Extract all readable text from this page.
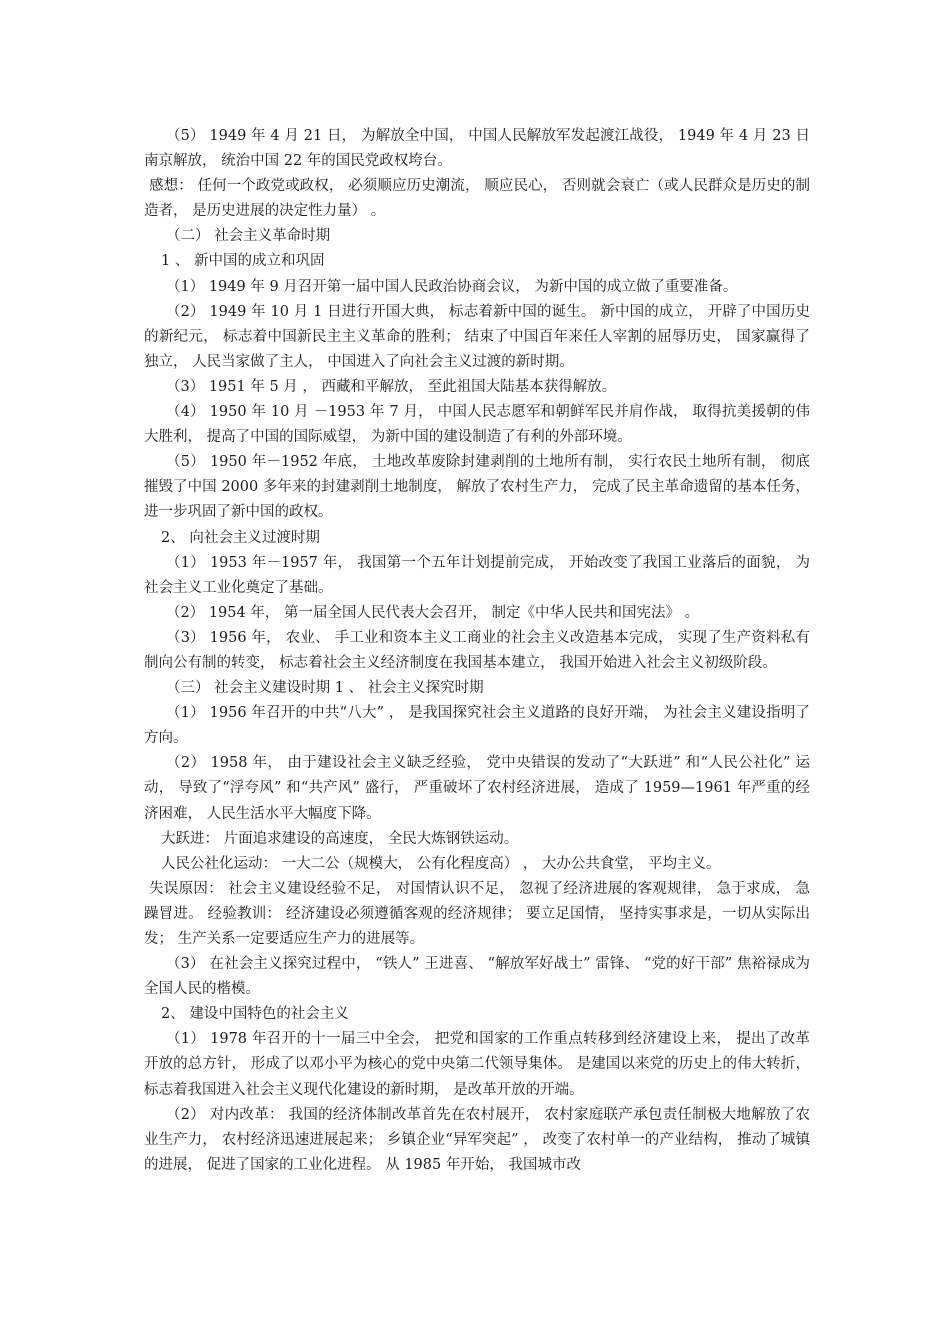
（5） 1949 年 4 月 21 日， 为解放全中国， 中国人民解放军发起渡江战役， 1949 年 4 月 23 日南京解放， 统治中国 22 年的国民党政权垮台。

感想： 任何一个政党或政权， 必须顺应历史潮流， 顺应民心， 否则就会衰亡（或人民群众是历史的制造者， 是历史进展的决定性力量） 。

（二） 社会主义革命时期

1 、 新中国的成立和巩固

（1） 1949 年 9 月召开第一届中国人民政治协商会议， 为新中国的成立做了重要准备。

（2） 1949 年 10 月 1 日进行开国大典， 标志着新中国的诞生。 新中国的成立， 开辟了中国历史的新纪元， 标志着中国新民主主义革命的胜利； 结束了中国百年来任人宰割的屈辱历史， 国家赢得了独立， 人民当家做了主人， 中国进入了向社会主义过渡的新时期。

（3） 1951 年 5 月 ， 西藏和平解放， 至此祖国大陆基本获得解放。

（4） 1950 年 10 月 －1953 年 7 月， 中国人民志愿军和朝鲜军民并肩作战， 取得抗美援朝的伟大胜利， 提高了中国的国际威望， 为新中国的建设制造了有利的外部环境。

（5） 1950 年－1952 年底， 土地改革废除封建剥削的土地所有制， 实行农民土地所有制， 彻底摧毁了中国 2000 多年来的封建剥削土地制度， 解放了农村生产力， 完成了民主革命遗留的基本任务， 进一步巩固了新中国的政权。

2、 向社会主义过渡时期

（1） 1953 年－1957 年， 我国第一个五年计划提前完成， 开始改变了我国工业落后的面貌， 为社会主义工业化奠定了基础。

（2） 1954 年， 第一届全国人民代表大会召开， 制定《中华人民共和国宪法》 。

（3） 1956 年， 农业、 手工业和资本主义工商业的社会主义改造基本完成， 实现了生产资料私有制向公有制的转变， 标志着社会主义经济制度在我国基本建立， 我国开始进入社会主义初级阶段。

（三） 社会主义建设时期 1 、 社会主义探究时期

（1） 1956 年召开的中共“八大” ， 是我国探究社会主义道路的良好开端， 为社会主义建设指明了方向。

（2） 1958 年， 由于建设社会主义缺乏经验， 党中央错误的发动了“大跃进” 和“人民公社化” 运动， 导致了“浮夸风” 和“共产风” 盛行， 严重破坏了农村经济进展， 造成了 1959—1961 年严重的经济困难， 人民生活水平大幅度下降。

大跃进： 片面追求建设的高速度， 全民大炼钢铁运动。

人民公社化运动： 一大二公（规模大， 公有化程度高） ， 大办公共食堂， 平均主义。

失误原因： 社会主义建设经验不足， 对国情认识不足， 忽视了经济进展的客观规律， 急于求成， 急躁冒进。 经验教训： 经济建设必须遵循客观的经济规律； 要立足国情， 坚持实事求是，一切从实际出发； 生产关系一定要适应生产力的进展等。

（3） 在社会主义探究过程中， “铁人” 王进喜、 “解放军好战士” 雷锋、 “党的好干部” 焦裕禄成为全国人民的楷模。

2、 建设中国特色的社会主义

（1） 1978 年召开的十一届三中全会， 把党和国家的工作重点转移到经济建设上来， 提出了改革开放的总方针， 形成了以邓小平为核心的党中央第二代领导集体。 是建国以来党的历史上的伟大转折， 标志着我国进入社会主义现代化建设的新时期， 是改革开放的开端。

（2） 对内改革： 我国的经济体制改革首先在农村展开， 农村家庭联产承包责任制极大地解放了农业生产力， 农村经济迅速进展起来； 乡镇企业“异军突起” ， 改变了农村单一的产业结构， 推动了城镇的进展， 促进了国家的工业化进程。 从 1985 年开始， 我国城市改
